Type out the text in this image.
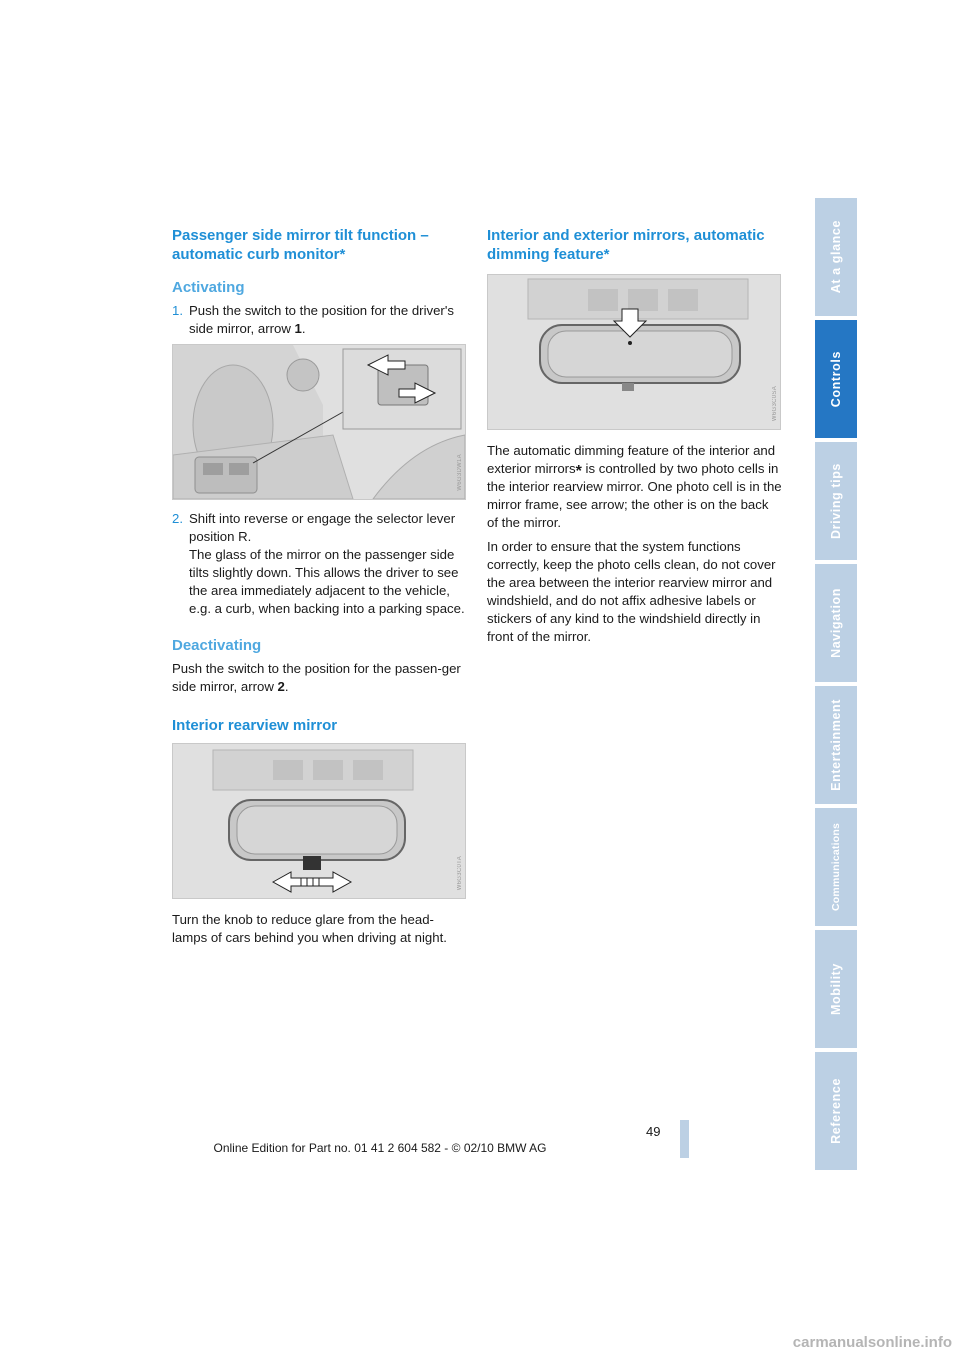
Passenger side mirror tilt function –
automatic curb monitor*
Activating
1. Push the switch to the position for the driver's side mirror, arrow 1.
W6G3DW1A
2. Shift into reverse or engage the selector lever position R.
The glass of the mirror on the passenger side tilts slightly down. This allows the driver to see the area immediately adjacent to the vehicle, e.g. a curb, when backing into a parking space.
Deactivating

Push the switch to the position for the passen-ger side mirror, arrow 2.

Interior rearview mirror
W6G3C0TA

Turn the knob to reduce glare from the head-lamps of cars behind you when driving at night.

Interior and exterior mirrors, automatic
dimming feature*
W6G3C0SA

The automatic dimming feature of the interior and exterior mirrors* is controlled by two photo cells in the interior rearview mirror. One photo cell is in the mirror frame, see arrow; the other is on the back of the mirror.

In order to ensure that the system functions correctly, keep the photo cells clean, do not cover the area between the interior rearview mirror and windshield, and do not affix adhesive labels or stickers of any kind to the windshield directly in front of the mirror.

At a glance
Controls
Driving tips
Navigation
Entertainment
Communications
Mobility
Reference
49
Online Edition for Part no. 01 41 2 604 582 - © 02/10 BMW AG
carmanualsonline.info
